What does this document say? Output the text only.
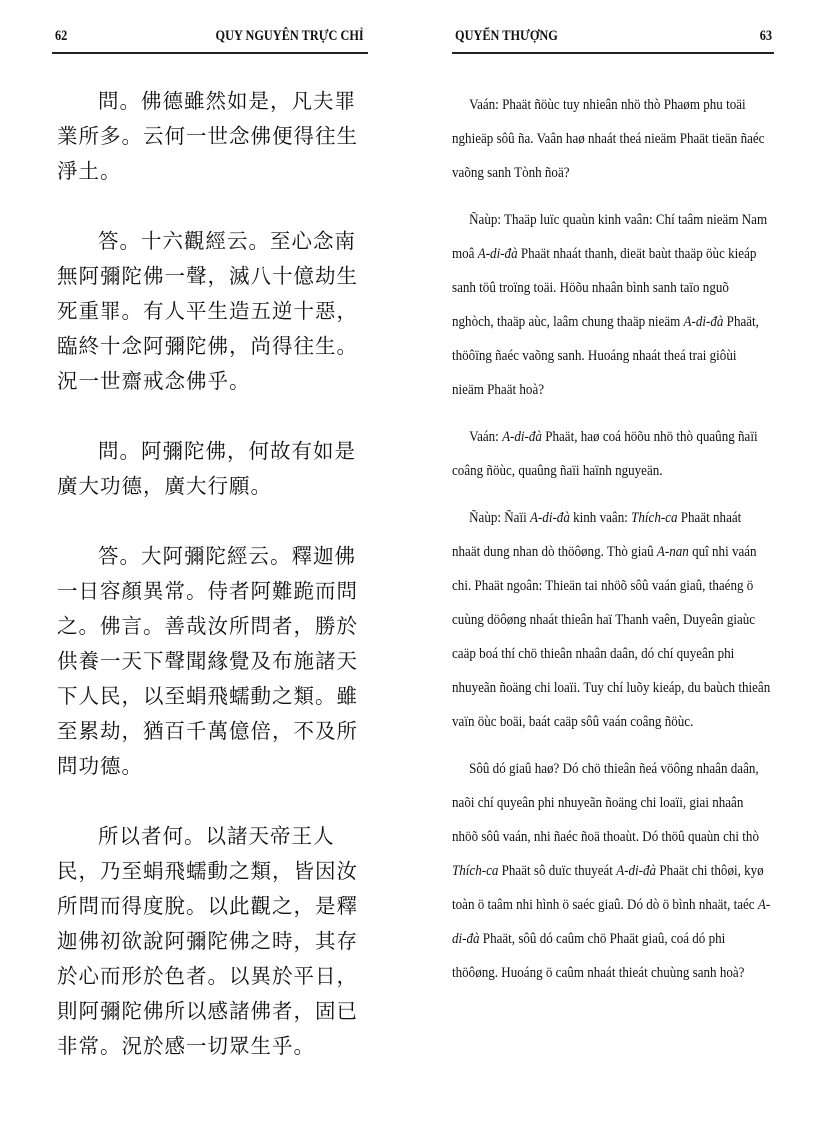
62	QUY NGUYÊN TRỰC CHỈ

問。佛德雖然如是，凡夫罪業所多。云何一世念佛便得往生淨土。

答。十六觀經云。至心念南無阿彌陀佛一聲，滅八十億劫生死重罪。有人平生造五逆十惡，臨終十念阿彌陀佛，尚得往生。況一世齋戒念佛乎。

問。阿彌陀佛，何故有如是廣大功德，廣大行願。

答。大阿彌陀經云。釋迦佛一日容顏異常。侍者阿難跪而問之。佛言。善哉汝所問者，勝於供養一天下聲聞緣覺及布施諸天下人民，以至蜎飛蠕動之類。雖至累劫，猶百千萬億倍，不及所問功德。

所以者何。以諸天帝王人民，乃至蜎飛蠕動之類，皆因汝所問而得度脫。以此觀之，是釋迦佛初欲說阿彌陀佛之時，其存於心而形於色者。以異於平日，則阿彌陀佛所以感諸佛者，固已非常。況於感一切眾生乎。

QUYỂN THƯỢNG	63

Vaán: Phaät ñöùc tuy nhieân nhö thò Phaøm phu toäi nghieäp sôû ña. Vaân haø nhaát theá nieäm Phaät tieän ñaéc vaõng sanh Tònh ñoä?

Ñaùp: Thaäp luïc quaùn kinh vaân: Chí taâm nieäm Nam moâ A-di-đà Phaät nhaát thanh, dieät baùt thaäp öùc kieáp sanh töû troïng toäi. Höõu nhaân bình sanh taïo nguõ nghòch, thaäp aùc, laâm chung thaäp nieäm A-di-đà Phaät, thöôïng ñaéc vaõng sanh. Huoáng nhaát theá trai giôùi nieäm Phaät hoà?

Vaán: A-di-đà Phaät, haø coá höõu nhö thò quaûng ñaïi coâng ñöùc, quaûng ñaïi haïnh nguyeän.

Ñaùp: Ñaïi A-di-đà kinh vaân: Thích-ca Phaät nhaát nhaät dung nhan dò thöôøng. Thò giaû A-nan quî nhi vaán chi. Phaät ngoân: Thieän tai nhöõ sôû vaán giaû, thaéng ö cuùng döôøng nhaát thieân haï Thanh vaên, Duyeân giaùc caäp boá thí chö thieân nhaân daân, dó chí quyeân phi nhuyeãn ñoäng chi loaïi. Tuy chí luõy kieáp, du baùch thieân vaïn öùc boäi, baát caäp sôû vaán coâng ñöùc.

Sôû dó giaû haø? Dó chö thieân ñeá vöông nhaân daân, naõi chí quyeân phi nhuyeãn ñoäng chi loaïi, giai nhaân nhöõ sôû vaán, nhi ñaéc ñoä thoaùt. Dó thöû quaùn chi thò Thích-ca Phaät sô duïc thuyeát A-di-đà Phaät chi thôøi, kyø toàn ö taâm nhi hình ö saéc giaû. Dó dò ö bình nhaät, taéc A-di-đà Phaät, sôû dó caûm chö Phaät giaû, coá dó phi thöôøng. Huoáng ö caûm nhaát thieát chuùng sanh hoà?
